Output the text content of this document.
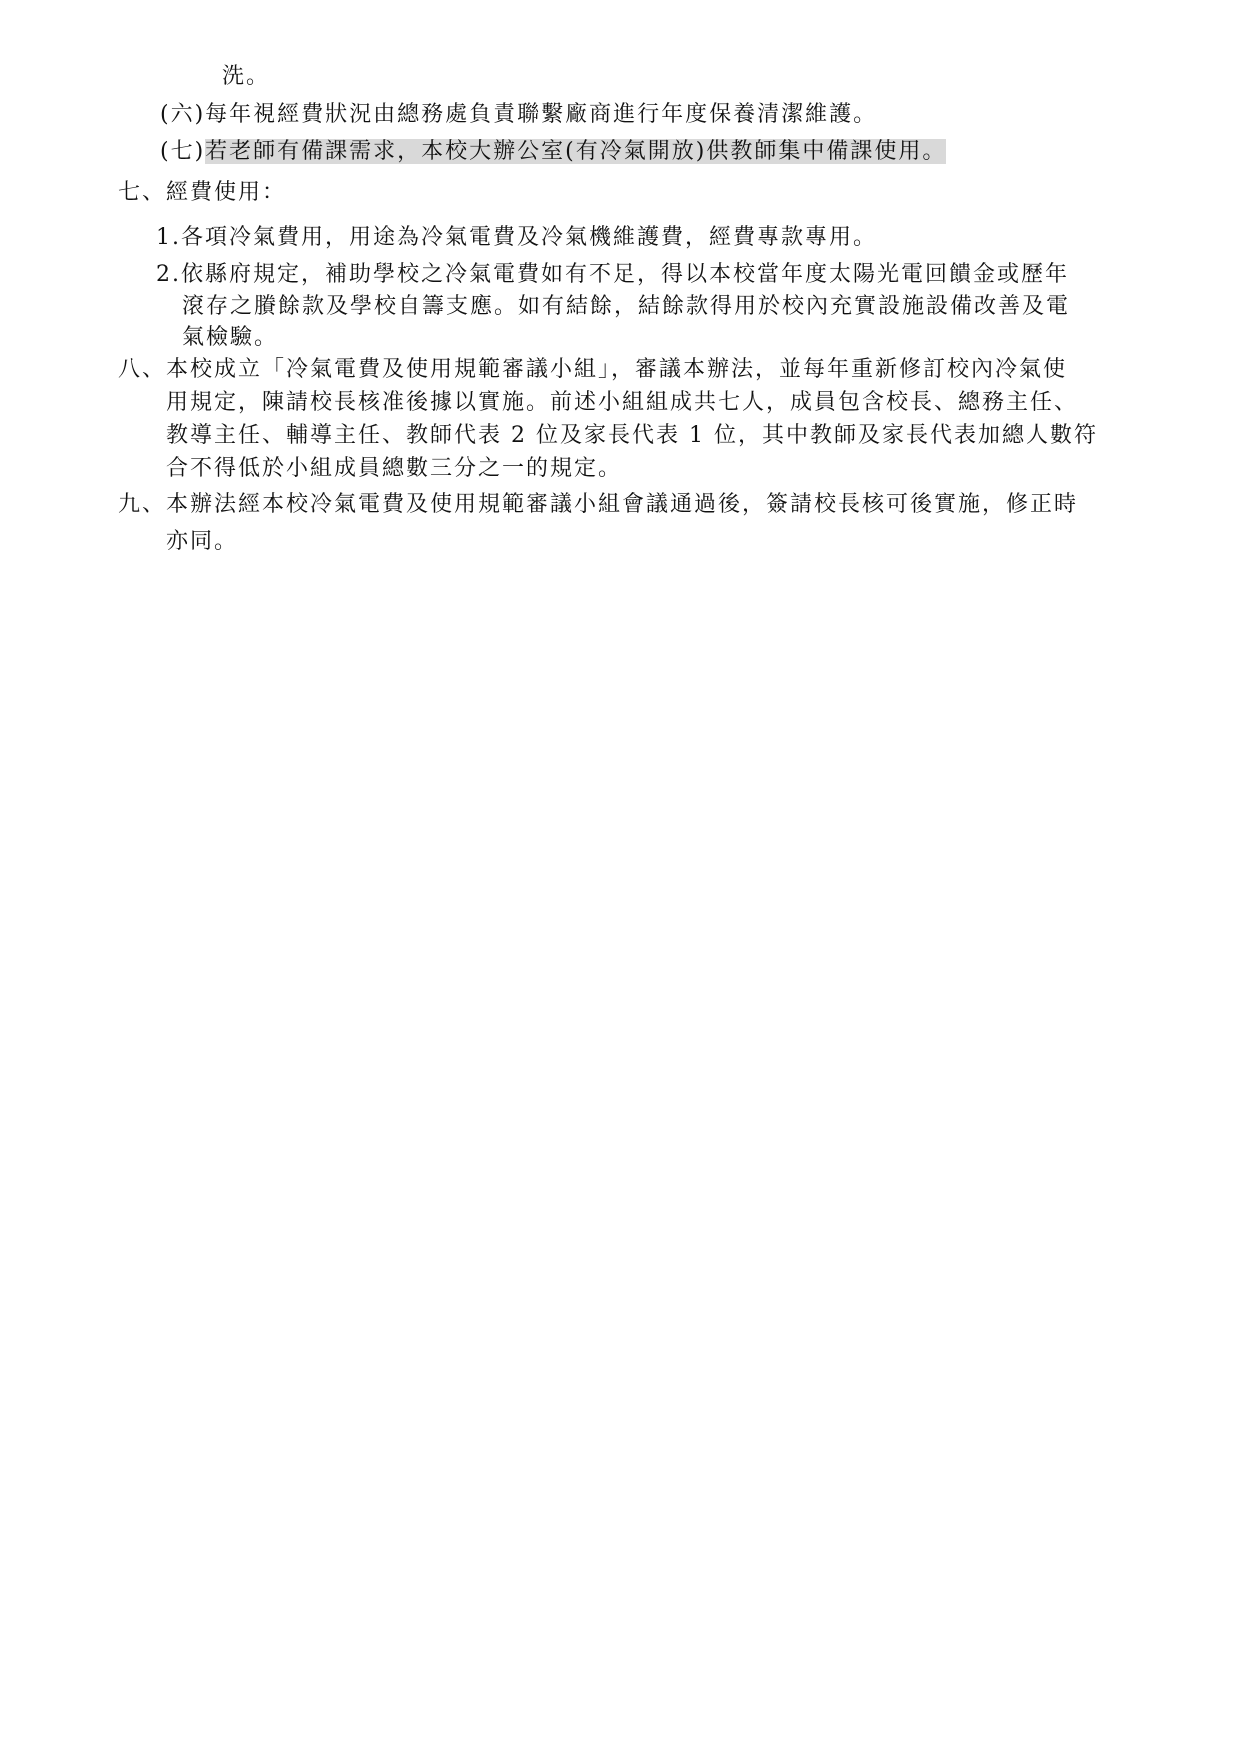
洗。
(六)每年視經費狀況由總務處負責聯繫廠商進行年度保養清潔維護。
(七)若老師有備課需求，本校大辦公室(有冷氣開放)供教師集中備課使用。
七、經費使用：
1.各項冷氣費用，用途為冷氣電費及冷氣機維護費，經費專款專用。
2.依縣府規定，補助學校之冷氣電費如有不足，得以本校當年度太陽光電回饋金或歷年
滾存之賸餘款及學校自籌支應。如有結餘，結餘款得用於校內充實設施設備改善及電
氣檢驗。
八、本校成立「冷氣電費及使用規範審議小組」，審議本辦法，並每年重新修訂校內冷氣使
用規定，陳請校長核准後據以實施。前述小組組成共七人，成員包含校長、總務主任、
教導主任、輔導主任、教師代表 2 位及家長代表 1 位，其中教師及家長代表加總人數符
合不得低於小組成員總數三分之一的規定。
九、本辦法經本校冷氣電費及使用規範審議小組會議通過後，簽請校長核可後實施，修正時
亦同。
